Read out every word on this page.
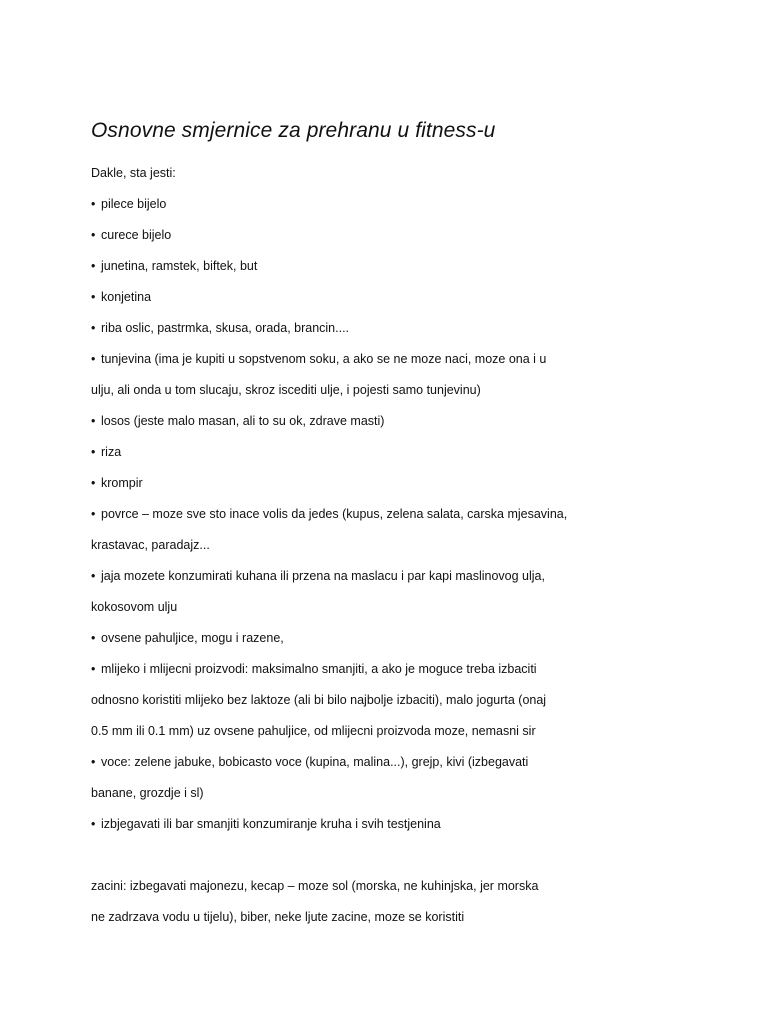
Osnovne smjernice za prehranu u fitness-u
Dakle, sta jesti:
• pilece bijelo
• curece bijelo
• junetina, ramstek, biftek, but
• konjetina
• riba oslic, pastrmka, skusa, orada, brancin....
• tunjevina (ima je kupiti u sopstvenom soku, a ako se ne moze naci, moze ona i u
ulju, ali onda u tom slucaju, skroz iscediti ulje, i pojesti samo tunjevinu)
• losos (jeste malo masan, ali to su ok, zdrave masti)
• riza
• krompir
• povrce – moze sve sto inace volis da jedes (kupus, zelena salata, carska mjesavina,
krastavac, paradajz...
• jaja mozete konzumirati kuhana ili przena na maslacu i par kapi maslinovog ulja,
kokosovom ulju
• ovsene pahuljice, mogu i razene,
• mlijeko i mlijecni proizvodi: maksimalno smanjiti, a ako je moguce treba izbaciti
odnosno koristiti mlijeko bez laktoze (ali bi bilo najbolje izbaciti), malo jogurta (onaj
0.5 mm ili 0.1 mm) uz ovsene pahuljice, od mlijecni proizvoda moze, nemasni sir
• voce: zelene jabuke, bobicasto voce (kupina, malina...), grejp, kivi (izbegavati
banane, grozdje i sl)
• izbjegavati ili bar smanjiti konzumiranje kruha i svih testjenina
zacini: izbegavati majonezu, kecap – moze sol (morska, ne kuhinjska, jer morska
ne zadrzava vodu u tijelu), biber, neke ljute zacine, moze se koristiti
